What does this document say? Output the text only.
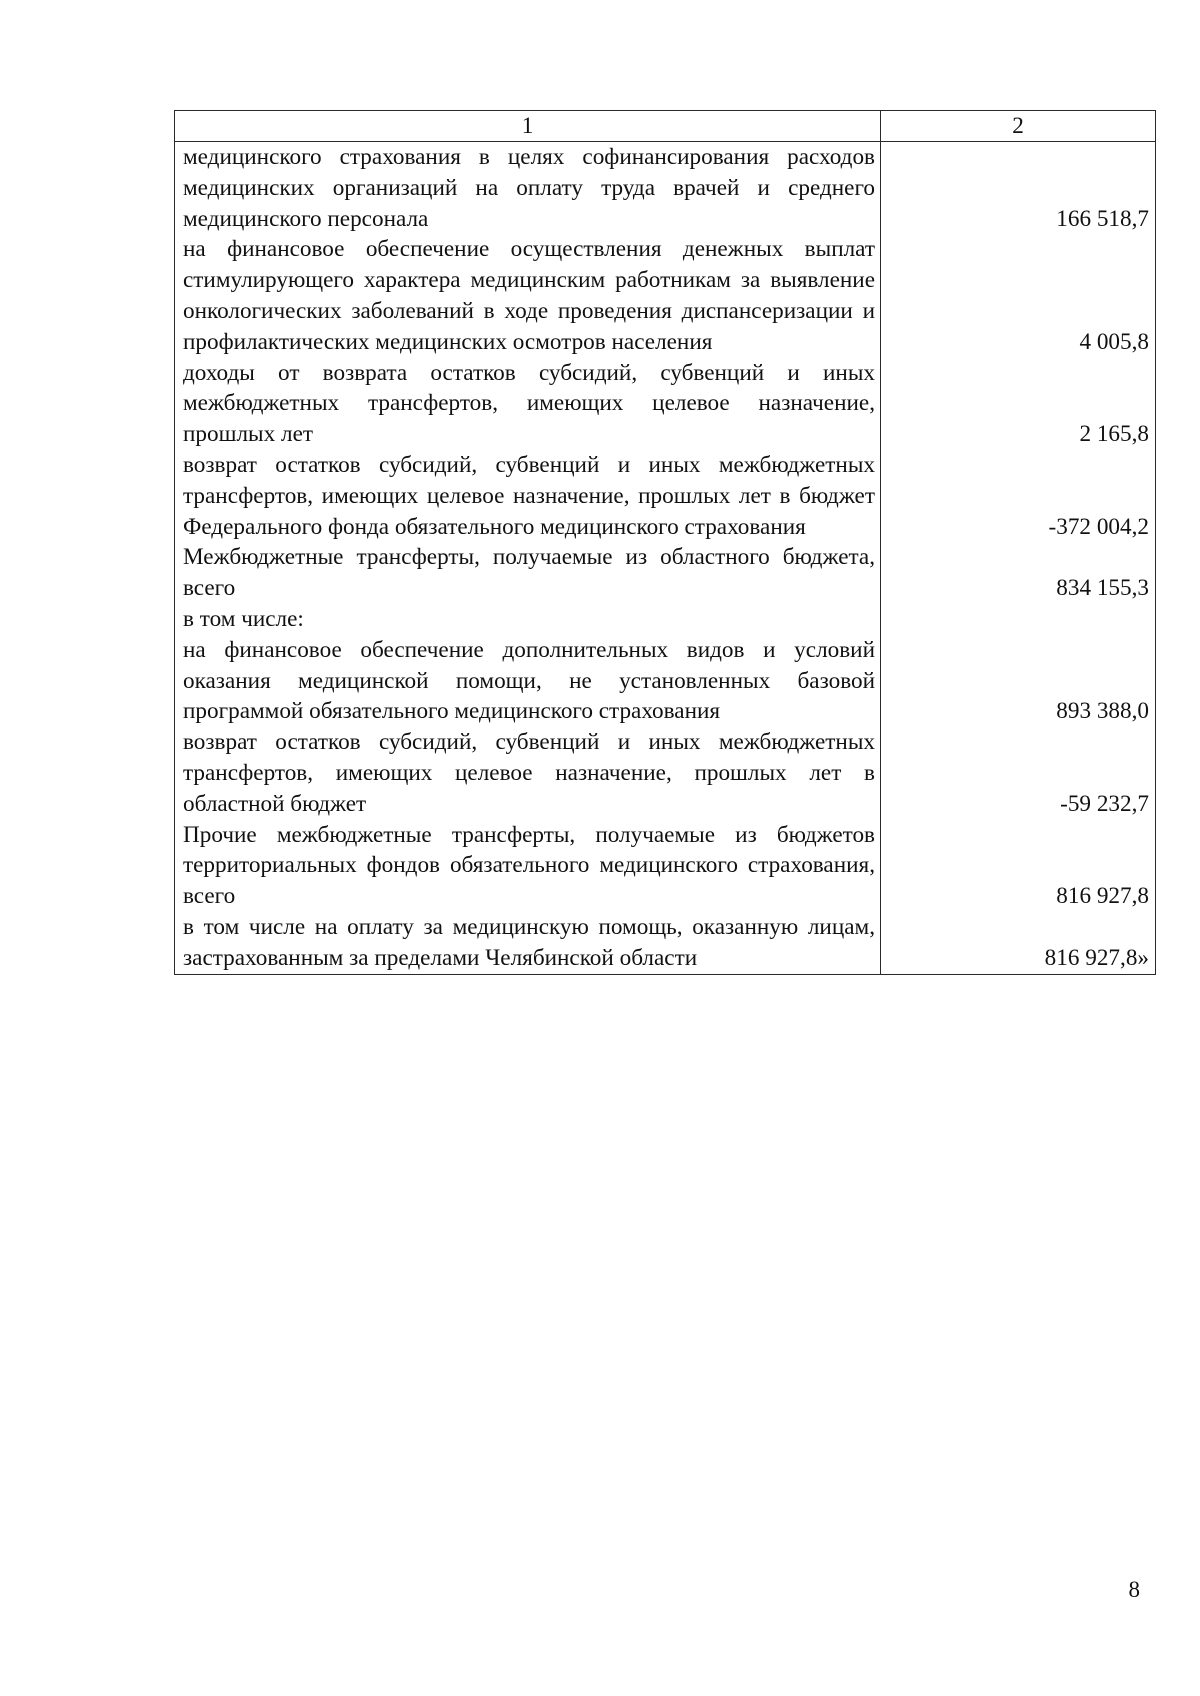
1	2
медицинского страхования в целях софинансирования расходов медицинских организаций на оплату труда врачей и среднего медицинского персонала	166 518,7
на финансовое обеспечение осуществления денежных выплат стимулирующего характера медицинским работникам за выявление онкологических заболеваний в ходе проведения диспансеризации и профилактических медицинских осмотров населения	4 005,8
доходы от возврата остатков субсидий, субвенций и иных межбюджетных трансфертов, имеющих целевое назначение, прошлых лет	2 165,8
возврат остатков субсидий, субвенций и иных межбюджетных трансфертов, имеющих целевое назначение, прошлых лет в бюджет Федерального фонда обязательного медицинского страхования	-372 004,2
Межбюджетные трансферты, получаемые из областного бюджета, всего	834 155,3
в том числе:	
на финансовое обеспечение дополнительных видов и условий оказания медицинской помощи, не установленных базовой программой обязательного медицинского страхования	893 388,0
возврат остатков субсидий, субвенций и иных межбюджетных трансфертов, имеющих целевое назначение, прошлых лет в областной бюджет	-59 232,7
Прочие межбюджетные трансферты, получаемые из бюджетов территориальных фондов обязательного медицинского страхования, всего	816 927,8
в том числе на оплату за медицинскую помощь, оказанную лицам, застрахованным за пределами Челябинской области	816 927,8»
8
